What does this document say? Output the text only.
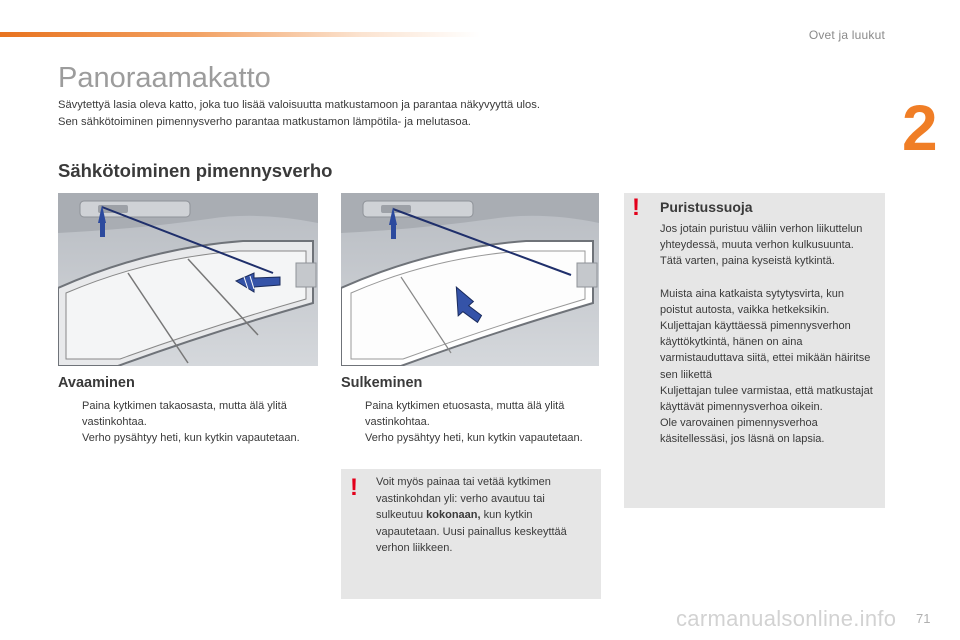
Ovet ja luukut
2
Panoraamakatto

Sävytettyä lasia oleva katto, joka tuo lisää valoisuutta matkustamoon ja parantaa näkyvyyttä ulos.

Sen sähkötoiminen pimennysverho parantaa matkustamon lämpötila- ja melutasoa.

Sähkötoiminen pimennysverho
Avaaminen
Paina kytkimen takaosasta, mutta älä ylitä vastinkohtaa.
Verho pysähtyy heti, kun kytkin vapautetaan.
Sulkeminen
Paina kytkimen etuosasta, mutta älä ylitä vastinkohtaa.
Verho pysähtyy heti, kun kytkin vapautetaan.
! Voit myös painaa tai vetää kytkimen vastinkohdan yli: verho avautuu tai sulkeutuu kokonaan, kun kytkin vapautetaan. Uusi painallus keskeyttää verhon liikkeen.
! Puristussuoja

Jos jotain puristuu väliin verhon liikuttelun yhteydessä, muuta verhon kulkusuunta. Tätä varten, paina kyseistä kytkintä.

Muista aina katkaista sytytysvirta, kun poistut autosta, vaikka hetkeksikin.

Kuljettajan käyttäessä pimennysverhon käyttökytkintä, hänen on aina varmistauduttava siitä, ettei mikään häiritse sen liikettä

Kuljettajan tulee varmistaa, että matkustajat käyttävät pimennysverhoa oikein.

Ole varovainen pimennysverhoa käsitellessäsi, jos läsnä on lapsia.

carmanualsonline.info 71
